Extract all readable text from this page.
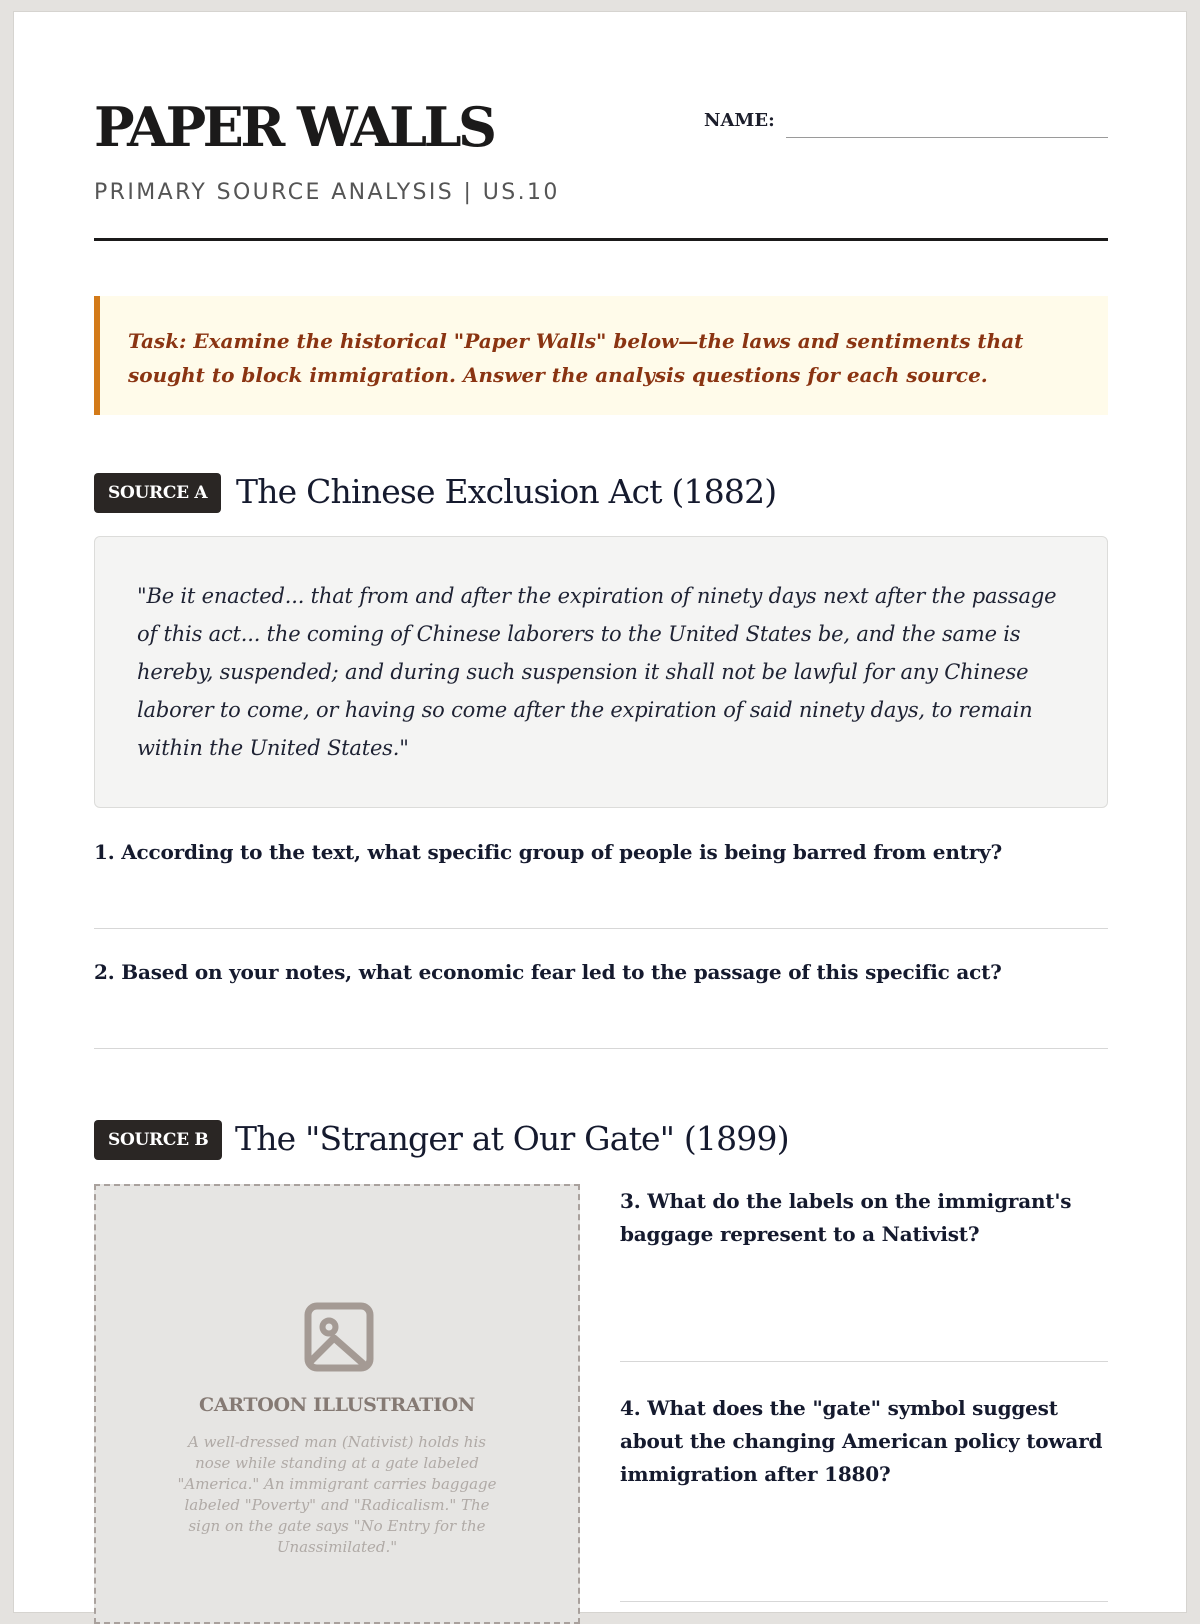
PAPER WALLS
PRIMARY SOURCE ANALYSIS | US.10
NAME:
Task: Examine the historical "Paper Walls" below—the laws and sentiments that sought to block immigration. Answer the analysis questions for each source.
SOURCE A The Chinese Exclusion Act (1882)
"Be it enacted... that from and after the expiration of ninety days next after the passage of this act... the coming of Chinese laborers to the United States be, and the same is hereby, suspended; and during such suspension it shall not be lawful for any Chinese laborer to come, or having so come after the expiration of said ninety days, to remain within the United States."
1. According to the text, what specific group of people is being barred from entry?
2. Based on your notes, what economic fear led to the passage of this specific act?
SOURCE B The "Stranger at Our Gate" (1899)
CARTOON ILLUSTRATION
A well-dressed man (Nativist) holds his nose while standing at a gate labeled "America." An immigrant carries baggage labeled "Poverty" and "Radicalism." The sign on the gate says "No Entry for the Unassimilated."
3. What do the labels on the immigrant's baggage represent to a Nativist?
4. What does the "gate" symbol suggest about the changing American policy toward immigration after 1880?
